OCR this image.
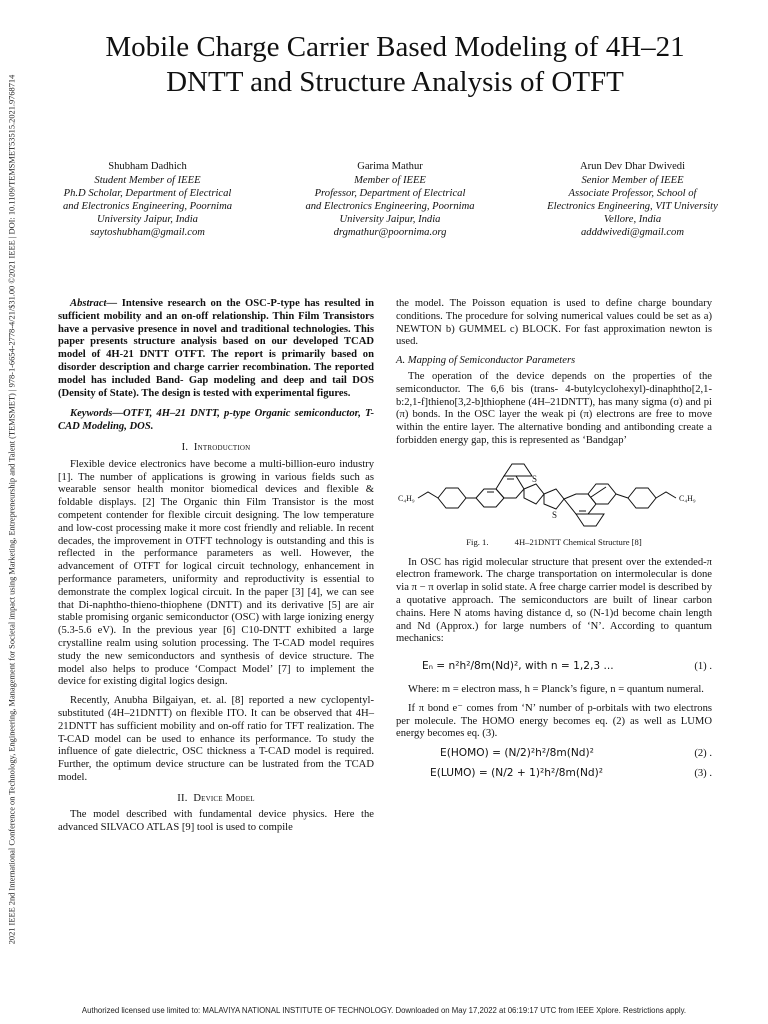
2021 IEEE 2nd International Conference on Technology, Engineering, Management for Societal impact using Marketing, Entrepreneurship and Talent (TEMSMET) | 978-1-6654-2778-4/21/$31.00 ©2021 IEEE | DOI: 10.1109/TEMSMET53515.2021.9768714
Mobile Charge Carrier Based Modeling of 4H–21
DNTT and Structure Analysis of OTFT
Shubham Dadhich
Student Member of IEEE
Ph.D Scholar, Department of Electrical
and Electronics Engineering, Poornima
University Jaipur, India
saytoshubham@gmail.com
Garima Mathur
Member of IEEE
Professor, Department of Electrical
and Electronics Engineering, Poornima
University Jaipur, India
drgmathur@poornima.org
Arun Dev Dhar Dwivedi
Senior Member of IEEE
Associate Professor, School of
Electronics Engineering, VIT University
Vellore, India
adddwivedi@gmail.com

Abstract— Intensive research on the OSC-P-type has resulted in sufficient mobility and an on-off relationship. Thin Film Transistors have a pervasive presence in novel and traditional technologies. This paper presents structure analysis based on our developed TCAD model of 4H-21 DNTT OTFT. The report is primarily based on disorder description and charge carrier recombination. The reported model has included Band- Gap modeling and deep and tail DOS (Density of State). The design is tested with experimental figures.

Keywords—OTFT, 4H–21 DNTT, p-type Organic semiconductor, T-CAD Modeling, DOS.

I. Introduction

Flexible device electronics have become a multi-billion-euro industry [1]. The number of applications is growing in various fields such as wearable sensor health monitor biomedical devices and flexible & foldable displays. [2] The Organic thin Film Transistor is the most competent contender for flexible circuit designing. The low temperature and low-cost processing make it more cost friendly and reliable. In recent decades, the improvement in OTFT technology is outstanding and this is reflected in the performance parameters as well. However, the advancement of OTFT for logical circuit technology, enhancement in performance parameters, uniformity and reproductivity is essential to demonstrate the complex logical circuit. In the paper [3] [4], we can see that Di-naphtho-thieno-thiophene (DNTT) and its derivative [5] are air stable promising organic semiconductor (OSC) with large ionizing energy (5.3-5.6 eV). In the previous year [6] C10-DNTT exhibited a large crystalline realm using solution processing. The T-CAD model requires study the new semiconductors and synthesis of device structure. The model also helps to produce ‘Compact Model’ [7] to implement the device for existing digital logics design.

Recently, Anubha Bilgaiyan, et. al. [8] reported a new cyclopentyl-substituted (4H–21DNTT) on flexible ITO. It can be observed that 4H–21DNTT has sufficient mobility and on-off ratio for TFT realization. The T-CAD model can be used to enhance its performance. To study the influence of gate dielectric, OSC thickness a T-CAD model is required. Further, the optimum device structure can be lustrated from the TCAD model.

II. Device Model

The model described with fundamental device physics. Here the advanced SILVACO ATLAS [9] tool is used to compile

the model. The Poisson equation is used to define charge boundary conditions. The procedure for solving numerical values could be set as a) NEWTON b) GUMMEL c) BLOCK. For fast approximation newton is used.

A. Mapping of Semiconductor Parameters

The operation of the device depends on the properties of the semiconductor. The 6,6 bis (trans- 4-butylcyclohexyl)-dinaphtho[2,1-b:2,1-f]thieno[3,2-b]thiophene (4H–21DNTT), has many sigma (σ) and pi (π) bonds. In the OSC layer the weak pi (π) electrons are free to move within the entire layer. The alternative bonding and antibonding create a forbidden energy gap, this is represented as ‘Bandgap’

C₄H₉	C₄H₉
S
S
Fig. 1.	4H–21DNTT Chemical Structure [8]

In OSC has rigid molecular structure that present over the extended-π electron framework. The charge transportation on intermolecular is done via π − π overlap in solid state. A free charge carrier model is described by a quotative approach. The semiconductors are built of linear carbon chains. Here N atoms having distance d, so (N-1)d become chain length and Nd (Approx.) for large numbers of ‘N’. According to quantum mechanics:

Eₙ = n²h²/8m(Nd)², with n = 1,2,3 ...	(1) .

Where: m = electron mass, h = Planck’s figure, n = quantum numeral.

If π bond e⁻ comes from ‘N’ number of p-orbitals with two electrons per molecule. The HOMO energy becomes eq. (2) as well as LUMO energy becomes eq. (3).

E(HOMO) = (N/2)²h²/8m(Nd)²	(2) .
E(LUMO) = (N/2 + 1)²h²/8m(Nd)²	(3) .
Authorized licensed use limited to: MALAVIYA NATIONAL INSTITUTE OF TECHNOLOGY. Downloaded on May 17,2022 at 06:19:17 UTC from IEEE Xplore. Restrictions apply.
